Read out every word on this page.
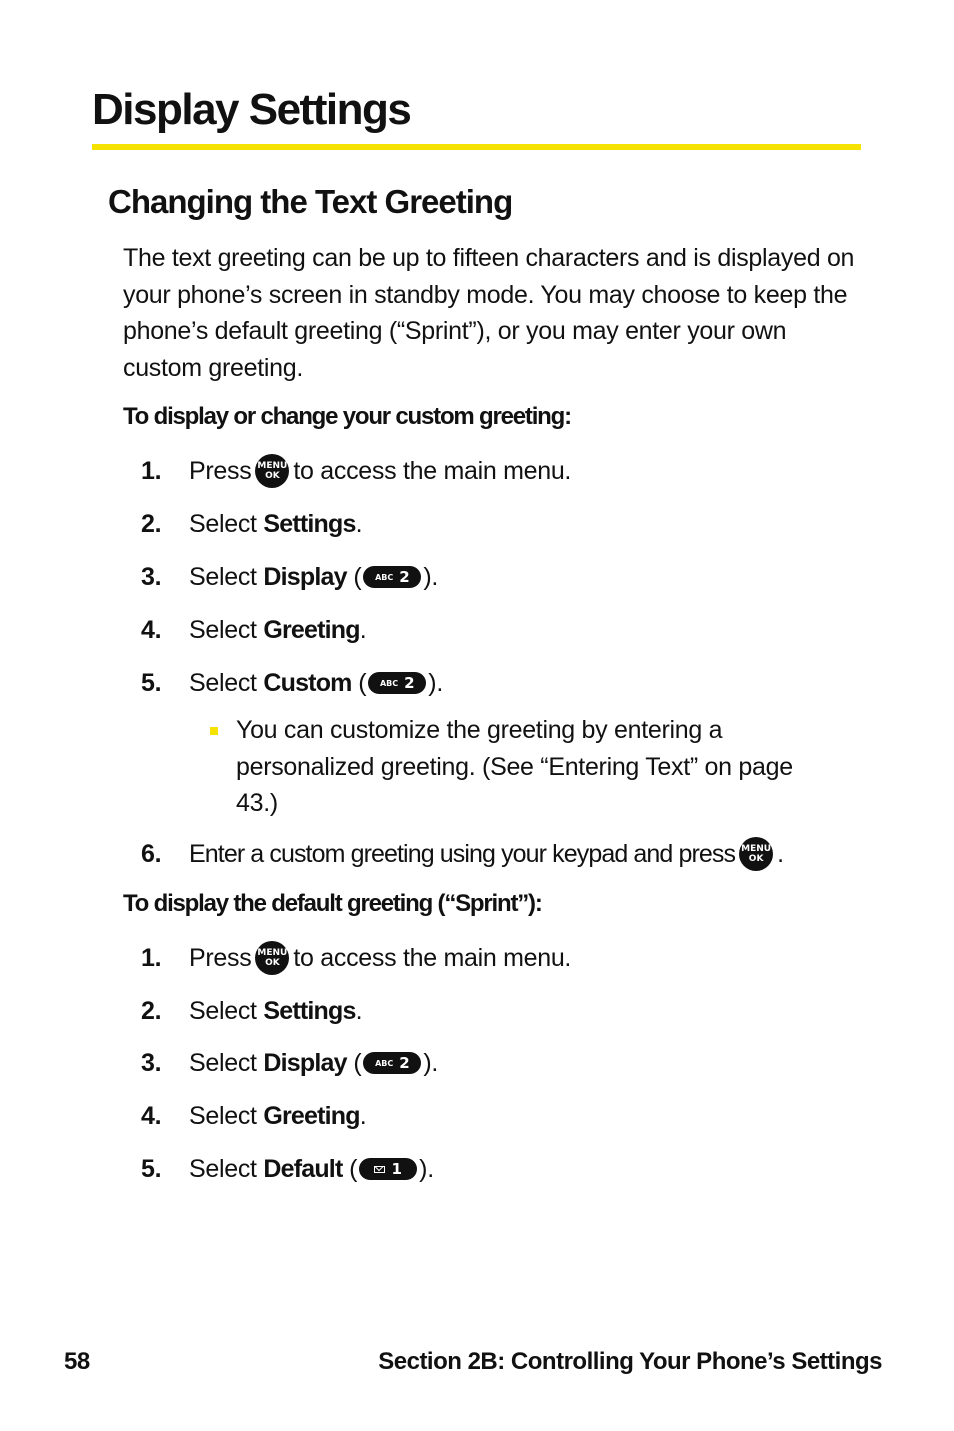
Display Settings
Changing the Text Greeting

The text greeting can be up to fifteen characters and is displayed on your phone’s screen in standby mode. You may choose to keep the phone’s default greeting (“Sprint”), or you may enter your own custom greeting.

To display or change your custom greeting:
1.	Press MENU
OK to access the main menu.
2.	Select
Settings .
3.	Select
Display
( ABC 2 ).
4.	Select
Greeting .
5.	Select
Custom
( ABC 2 ).
You can customize the greeting by entering a personalized greeting. (See “Entering Text” on page 43.)
6.	Enter a custom greeting using your keypad and press MENU
OK .
To display the default greeting (“Sprint”):
1.	Press MENU
OK to access the main menu.
2.	Select
Settings .
3.	Select
Display
( ABC 2 ).
4.	Select
Greeting .
5.	Select
Default
( 1 ).
58	Section 2B: Controlling Your Phone’s Settings
